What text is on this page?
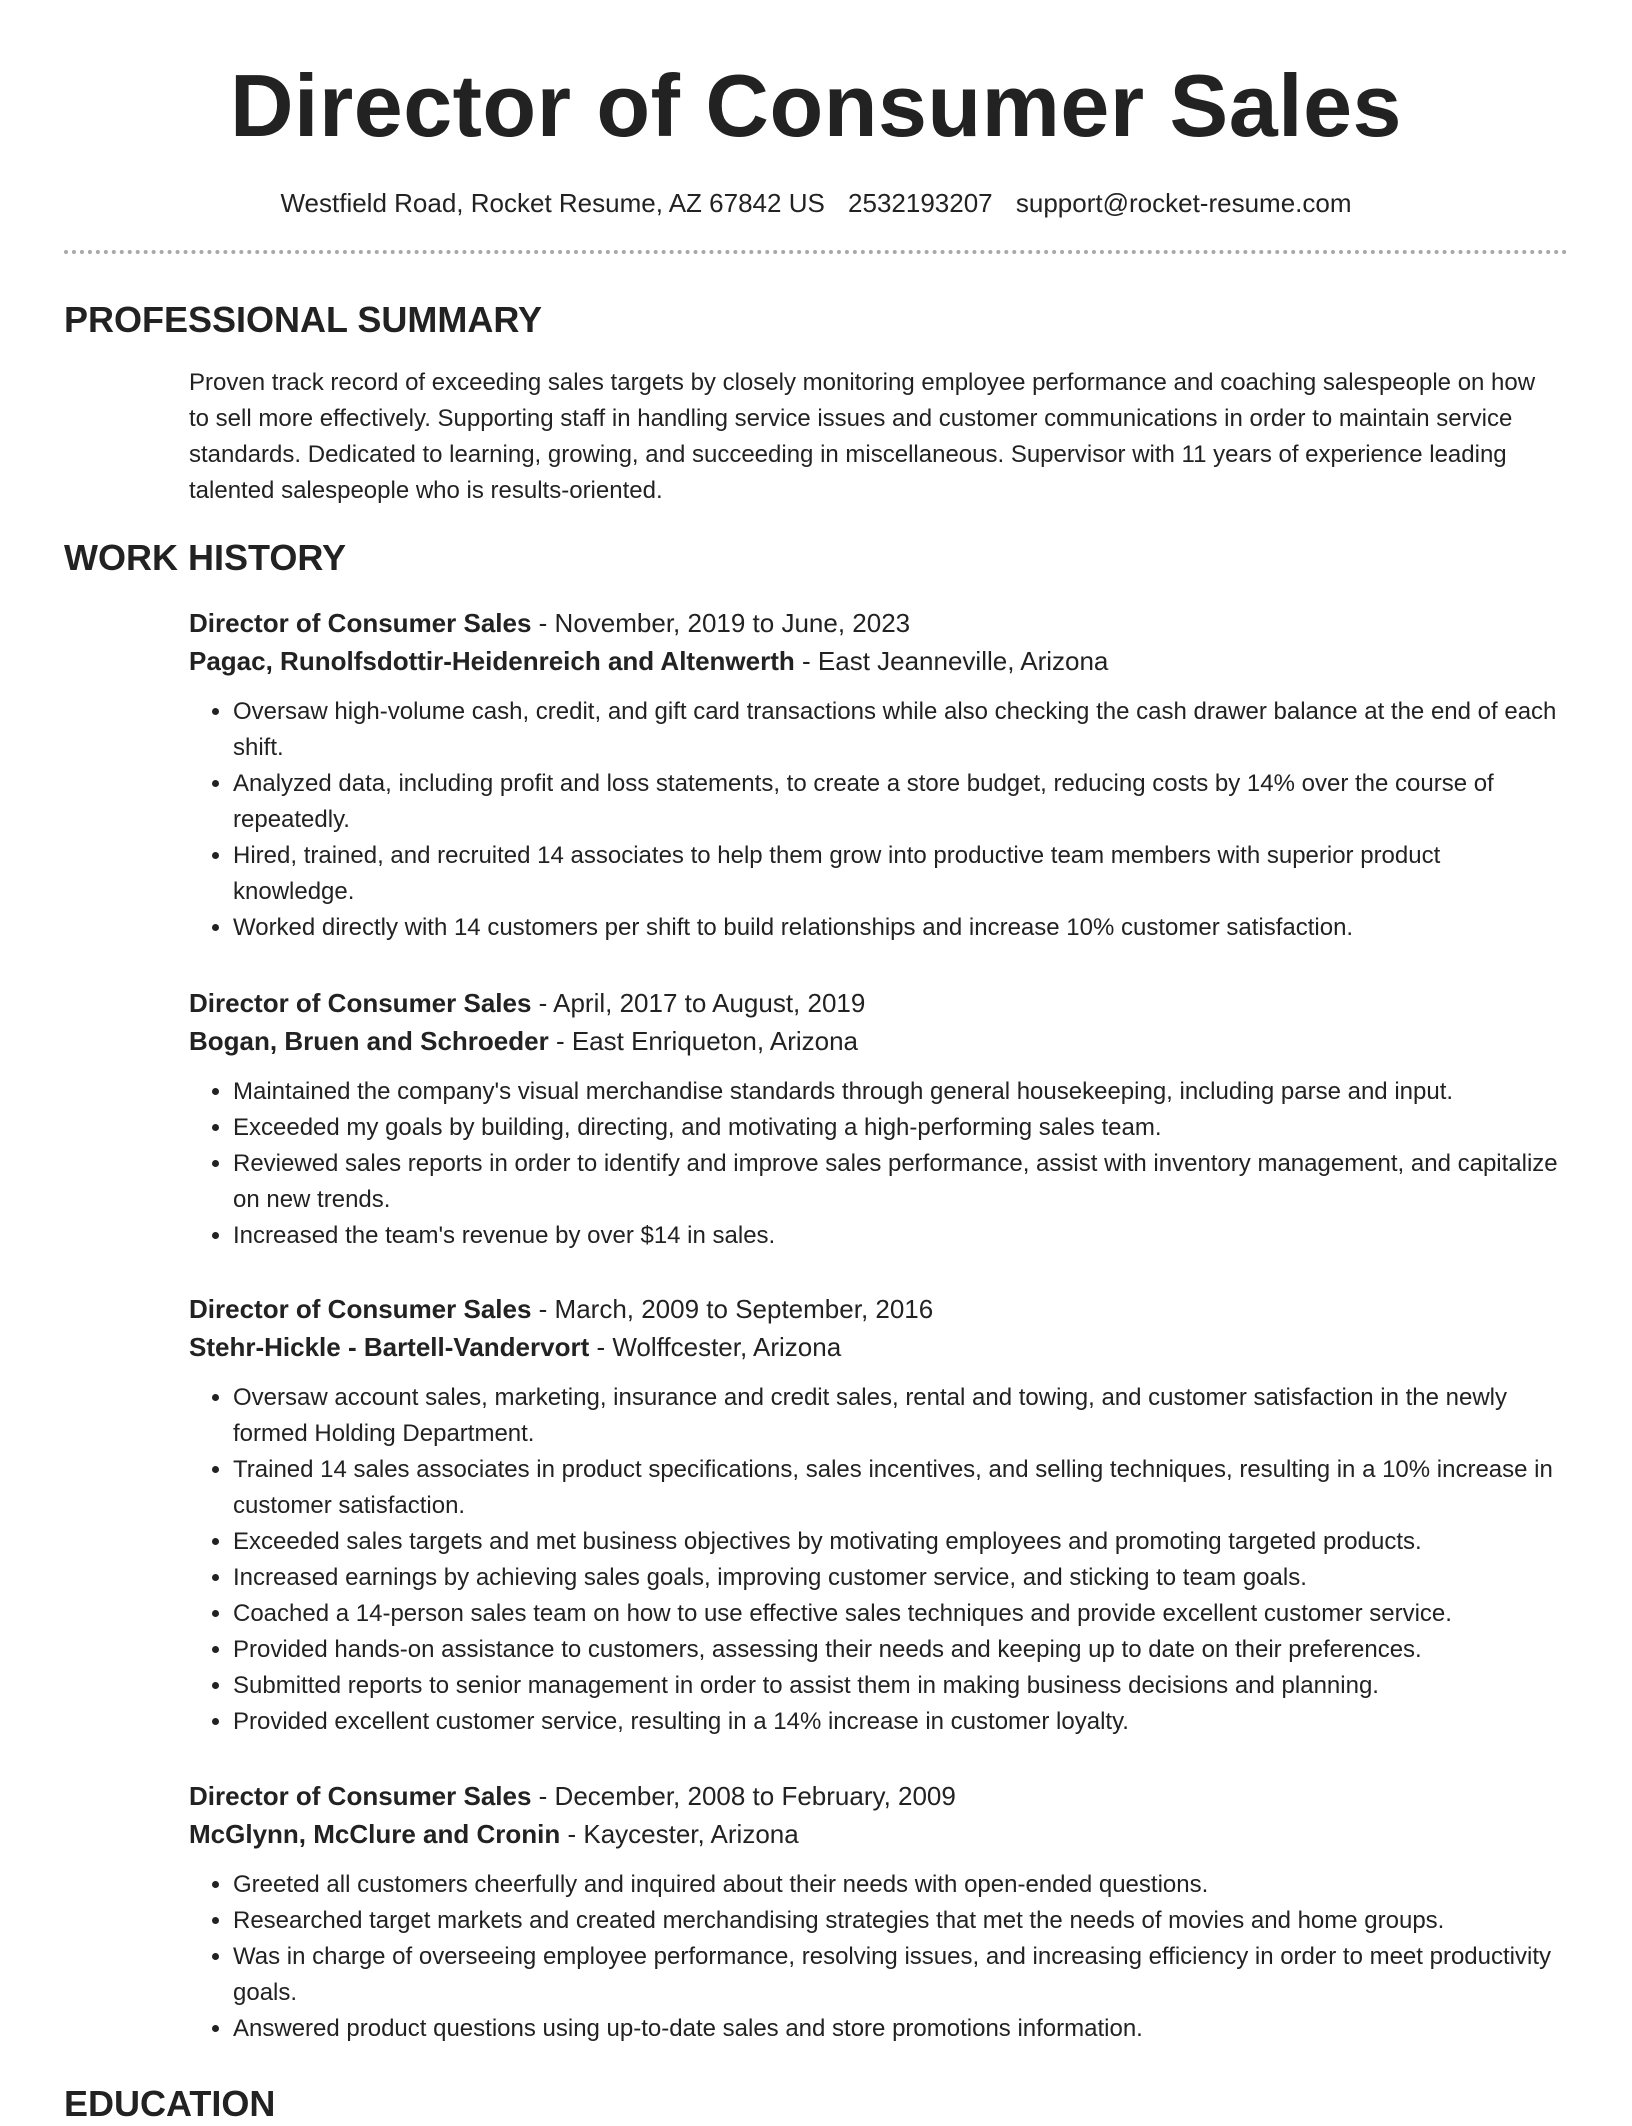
Director of Consumer Sales
Westfield Road, Rocket Resume, AZ 67842 US 2532193207 support@rocket-resume.com
PROFESSIONAL SUMMARY
Proven track record of exceeding sales targets by closely monitoring employee performance and coaching salespeople on how to sell more effectively. Supporting staff in handling service issues and customer communications in order to maintain service standards. Dedicated to learning, growing, and succeeding in miscellaneous. Supervisor with 11 years of experience leading talented salespeople who is results-oriented.
WORK HISTORY
Director of Consumer Sales - November, 2019 to June, 2023
Pagac, Runolfsdottir-Heidenreich and Altenwerth - East Jeanneville, Arizona
• Oversaw high-volume cash, credit, and gift card transactions while also checking the cash drawer balance at the end of each shift.
• Analyzed data, including profit and loss statements, to create a store budget, reducing costs by 14% over the course of repeatedly.
• Hired, trained, and recruited 14 associates to help them grow into productive team members with superior product knowledge.
• Worked directly with 14 customers per shift to build relationships and increase 10% customer satisfaction.
Director of Consumer Sales - April, 2017 to August, 2019
Bogan, Bruen and Schroeder - East Enriqueton, Arizona
• Maintained the company's visual merchandise standards through general housekeeping, including parse and input.
• Exceeded my goals by building, directing, and motivating a high-performing sales team.
• Reviewed sales reports in order to identify and improve sales performance, assist with inventory management, and capitalize on new trends.
• Increased the team's revenue by over $14 in sales.
Director of Consumer Sales - March, 2009 to September, 2016
Stehr-Hickle - Bartell-Vandervort - Wolffcester, Arizona
• Oversaw account sales, marketing, insurance and credit sales, rental and towing, and customer satisfaction in the newly formed Holding Department.
• Trained 14 sales associates in product specifications, sales incentives, and selling techniques, resulting in a 10% increase in customer satisfaction.
• Exceeded sales targets and met business objectives by motivating employees and promoting targeted products.
• Increased earnings by achieving sales goals, improving customer service, and sticking to team goals.
• Coached a 14-person sales team on how to use effective sales techniques and provide excellent customer service.
• Provided hands-on assistance to customers, assessing their needs and keeping up to date on their preferences.
• Submitted reports to senior management in order to assist them in making business decisions and planning.
• Provided excellent customer service, resulting in a 14% increase in customer loyalty.
Director of Consumer Sales - December, 2008 to February, 2009
McGlynn, McClure and Cronin - Kaycester, Arizona
• Greeted all customers cheerfully and inquired about their needs with open-ended questions.
• Researched target markets and created merchandising strategies that met the needs of movies and home groups.
• Was in charge of overseeing employee performance, resolving issues, and increasing efficiency in order to meet productivity goals.
• Answered product questions using up-to-date sales and store promotions information.
EDUCATION
